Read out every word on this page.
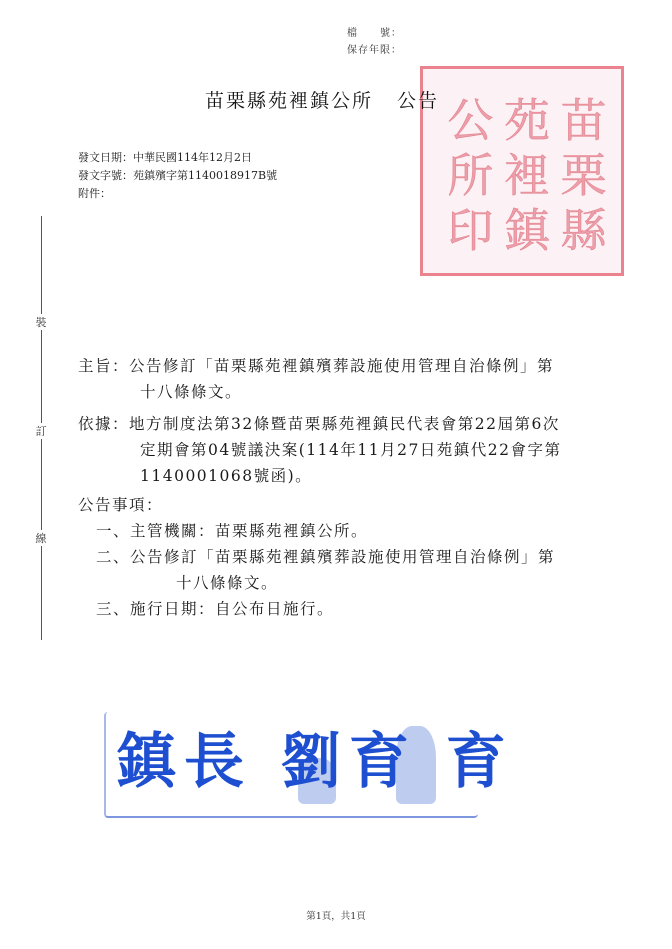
檔　　號：
保存年限：
苗
栗
縣
苑
裡
鎮
公
所
印
苗栗縣苑裡鎮公所 公告
發文日期：中華民國114年12月2日
發文字號：苑鎮殯字第1140018917B號
附件：
裝
訂
線
主旨：公告修訂「苗栗縣苑裡鎮殯葬設施使用管理自治條例」第
十八條條文。
依據：地方制度法第32條暨苗栗縣苑裡鎮民代表會第22屆第6次
定期會第04號議決案(114年11月27日苑鎮代22會字第
1140001068號函)。
公告事項：
一、主管機關：苗栗縣苑裡鎮公所。
二、公告修訂「苗栗縣苑裡鎮殯葬設施使用管理自治條例」第
十八條條文。
三、施行日期：自公布日施行。
鎮長 劉育 育
第1頁，共1頁
